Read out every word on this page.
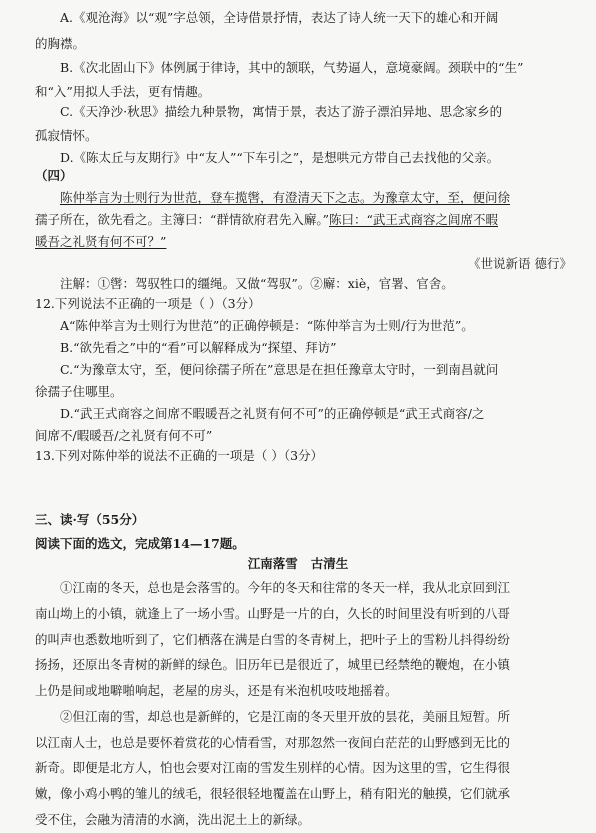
A.《观沧海》以“观”字总领，全诗借景抒情，表达了诗人统一天下的雄心和开阔
的胸襟。
B.《次北固山下》体例属于律诗，其中的颔联，气势逼人，意境豪阔。颈联中的“生”
和“入”用拟人手法，更有情趣。
C.《天净沙·秋思》描绘九种景物，寓情于景，表达了游子漂泊异地、思念家乡的
孤寂情怀。
D.《陈太丘与友期行》中“友人”“下车引之”，是想哄元方带自己去找他的父亲。
（四）
陈仲举言为士则行为世范，登车揽辔，有澄清天下之志。为豫章太守，至，便问徐
孺子所在，欲先看之。主簿曰：“群情欲府君先入廨。”陈曰：“武王式商容之闾席不暇
暖吾之礼贤有何不可？”
《世说新语 德行》
注解：①辔：驾驭牲口的缰绳。又做“驾驭”。②廨：xiè，官署、官舍。
12.下列说法不正确的一项是（ ）（3分）
A“陈仲举言为士则行为世范”的正确停顿是：“陈仲举言为士则/行为世范”。
B.“欲先看之”中的“看”可以解释成为“探望、拜访”
C.“为豫章太守，至，便问徐孺子所在”意思是在担任豫章太守时，一到南昌就问
徐孺子住哪里。
D.“武王式商容之间席不暇暖吾之礼贤有何不可”的正确停顿是“武王式商容/之
间席不/暇暖吾/之礼贤有何不可”
13.下列对陈仲举的说法不正确的一项是（ ）（3分）
三、读·写（55分）
阅读下面的选文，完成第14—17题。
江南落雪 古清生
①江南的冬天，总也是会落雪的。今年的冬天和往常的冬天一样，我从北京回到江
南山坳上的小镇，就逢上了一场小雪。山野是一片的白，久长的时间里没有听到的八哥
的叫声也悉数地听到了，它们栖落在满是白雪的冬青树上，把叶子上的雪粉儿抖得纷纷
扬扬，还原出冬青树的新鲜的绿色。旧历年已是很近了，城里已经禁绝的鞭炮，在小镇
上仍是间或地噼啪响起，老屋的房头，还是有米泡机吱吱地摇着。
②但江南的雪，却总也是新鲜的，它是江南的冬天里开放的昙花，美丽且短暂。所
以江南人士，也总是要怀着赏花的心情看雪，对那忽然一夜间白茫茫的山野感到无比的
新奇。即便是北方人，怕也会要对江南的雪发生别样的心情。因为这里的雪，它生得很
嫩，像小鸡小鸭的雏儿的绒毛，很轻很轻地覆盖在山野上，稍有阳光的触摸，它们就承
受不住，会融为清清的水滴，洗出泥土上的新绿。
